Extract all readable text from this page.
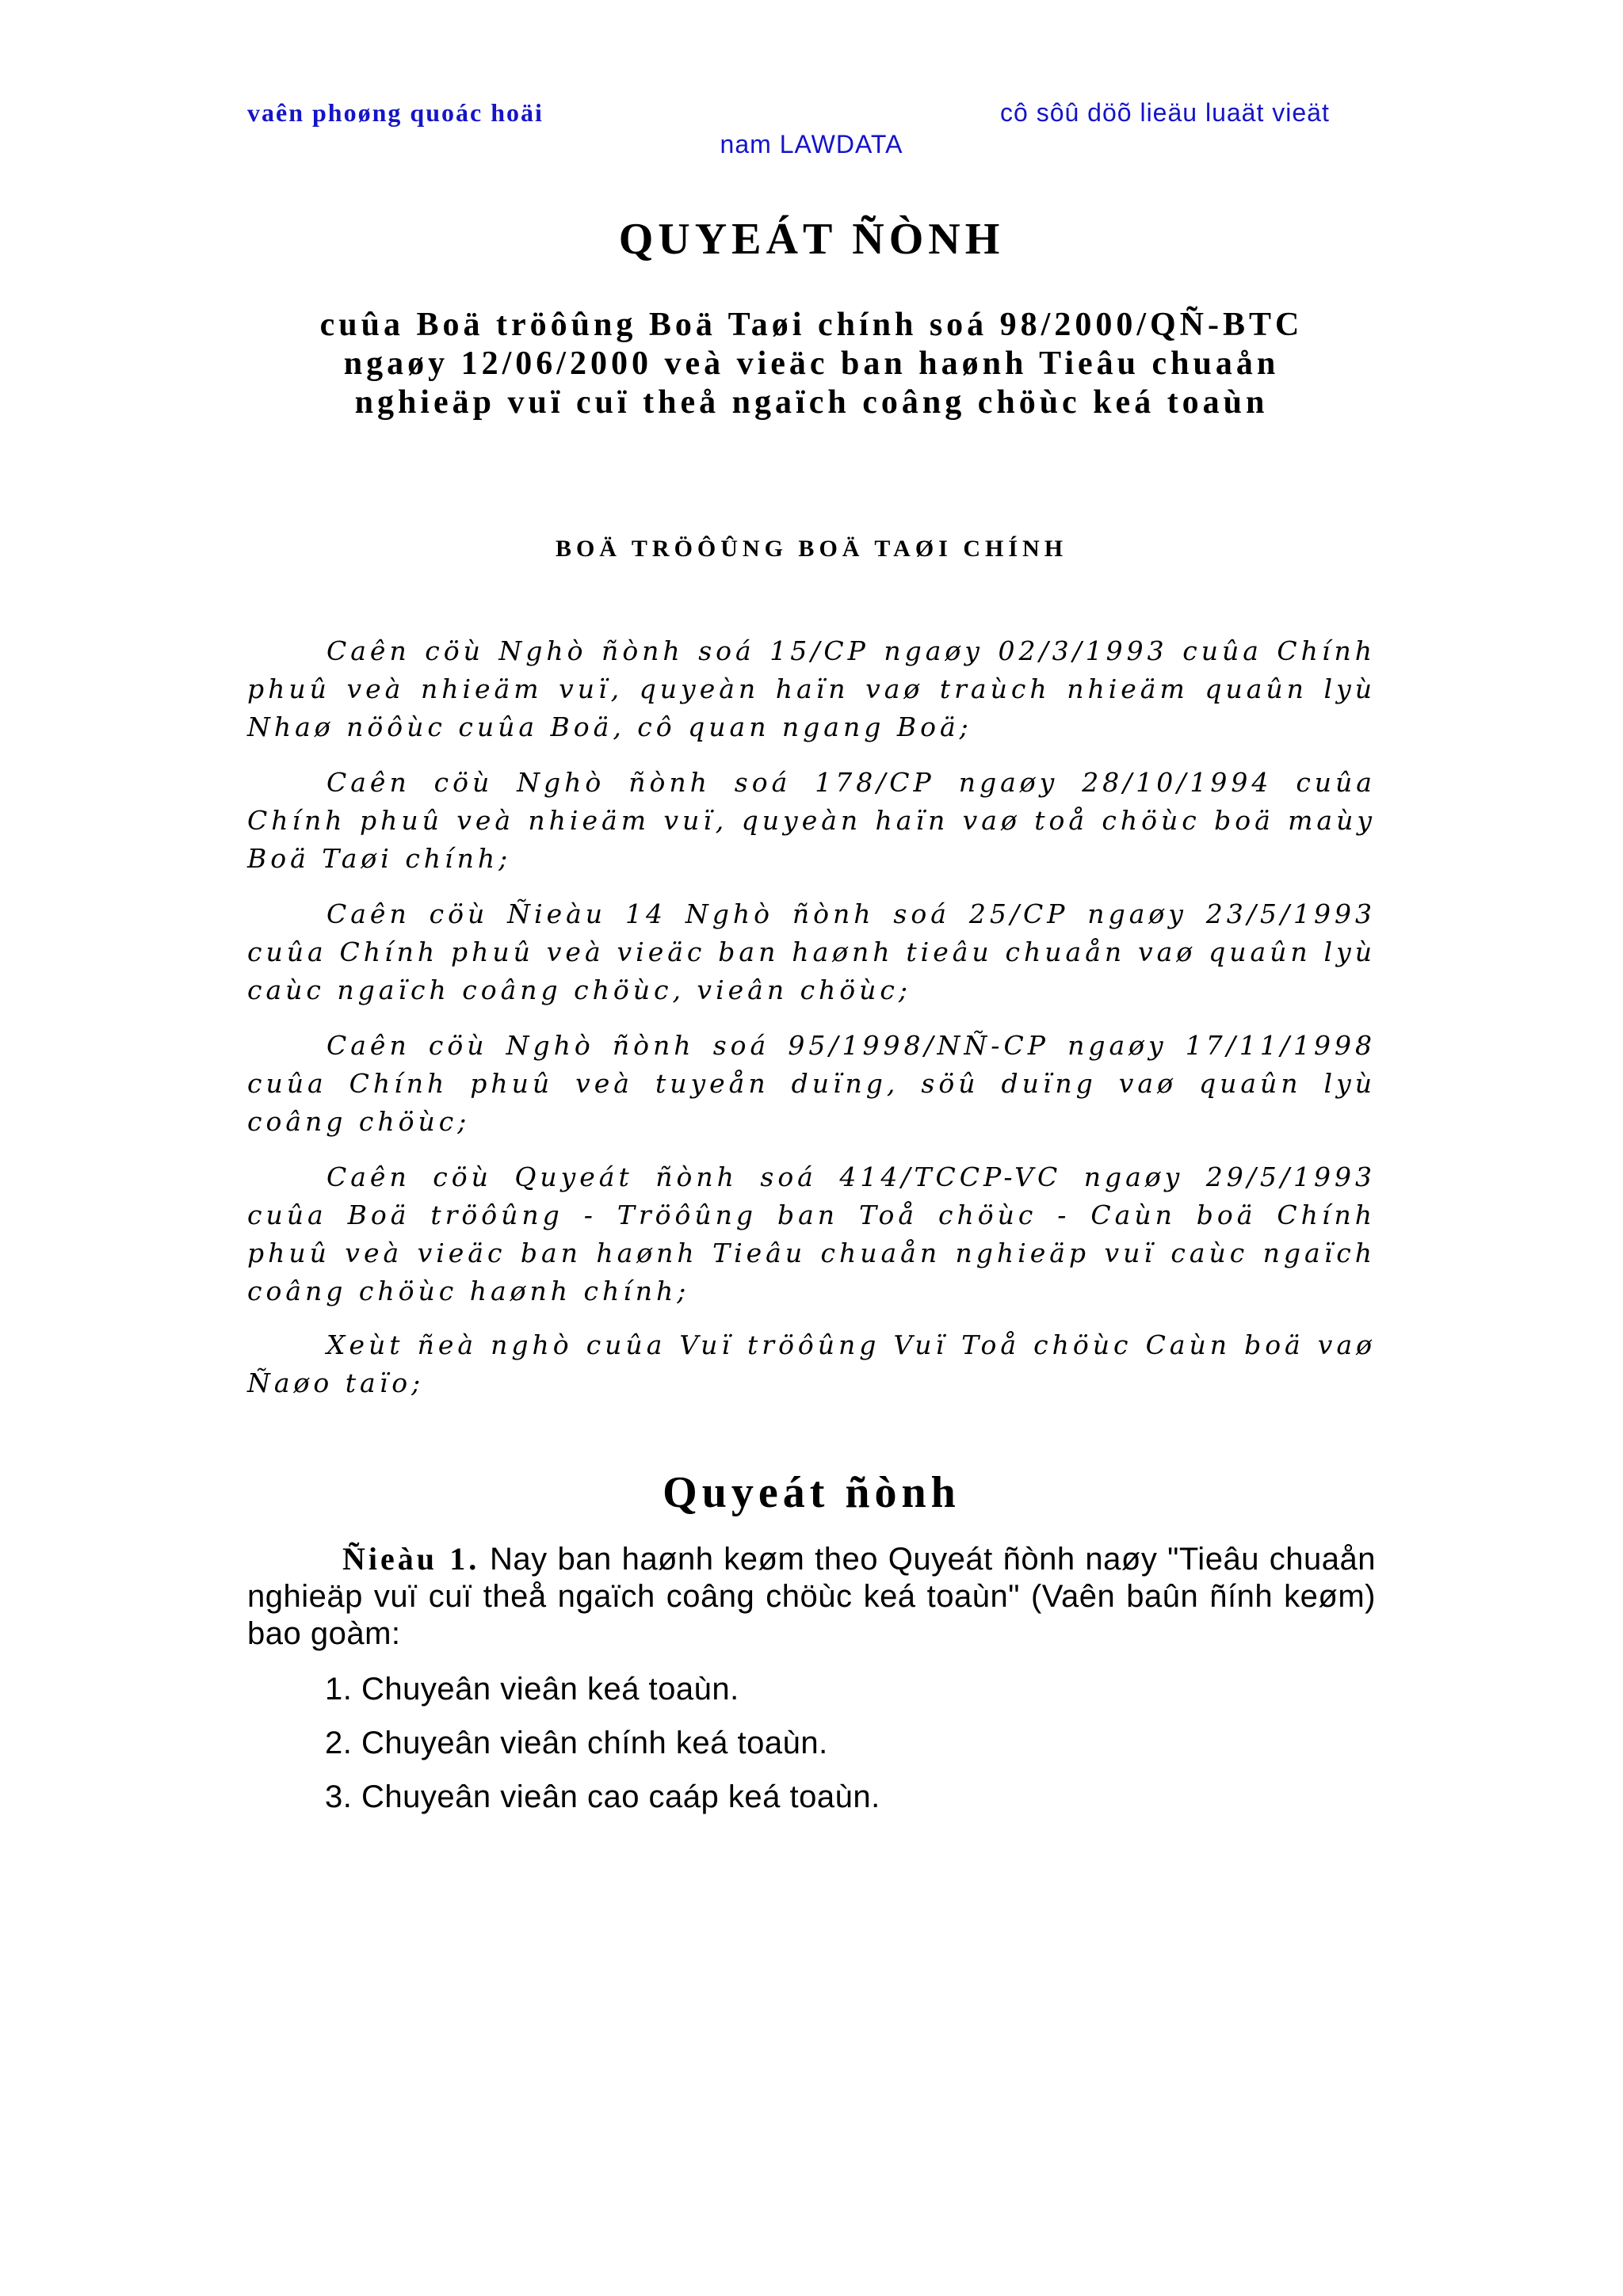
vaên phoøng quoác hoäi	cô sôû döõ lieäu luaät vieät
nam LAWDATA
QUYEÁT ÑÒNH
cuûa Boä tröôûng Boä Taøi chính soá 98/2000/QÑ-BTC ngaøy 12/06/2000 veà vieäc ban haønh Tieâu chuaån nghieäp vuï cuï theå ngaïch coâng chöùc keá toaùn
BOÄ TRÖÔÛNG BOÄ TAØI CHÍNH

Caên cöù Nghò ñònh soá 15/CP ngaøy 02/3/1993 cuûa Chính phuû veà nhieäm vuï, quyeàn haïn vaø traùch nhieäm quaûn lyù Nhaø nöôùc cuûa Boä, cô quan ngang Boä;

Caên cöù Nghò ñònh soá 178/CP ngaøy 28/10/1994 cuûa Chính phuû veà nhieäm vuï, quyeàn haïn vaø toå chöùc boä maùy Boä Taøi chính;

Caên cöù Ñieàu 14 Nghò ñònh soá 25/CP ngaøy 23/5/1993 cuûa Chính phuû veà vieäc ban haønh tieâu chuaån vaø quaûn lyù caùc ngaïch coâng chöùc, vieân chöùc;

Caên cöù Nghò ñònh soá 95/1998/NÑ-CP ngaøy 17/11/1998 cuûa Chính phuû veà tuyeån duïng, söû duïng vaø quaûn lyù coâng chöùc;

Caên cöù Quyeát ñònh soá 414/TCCP-VC ngaøy 29/5/1993 cuûa Boä tröôûng - Tröôûng ban Toå chöùc - Caùn boä Chính phuû veà vieäc ban haønh Tieâu chuaån nghieäp vuï caùc ngaïch coâng chöùc haønh chính;

Xeùt ñeà nghò cuûa Vuï tröôûng Vuï Toå chöùc Caùn boä vaø Ñaøo taïo;

Quyeát ñònh

Ñieàu 1. Nay ban haønh keøm theo Quyeát ñònh naøy "Tieâu chuaån nghieäp vuï cuï theå ngaïch coâng chöùc keá toaùn" (Vaên baûn ñính keøm) bao goàm:

1. Chuyeân vieân keá toaùn.
2. Chuyeân vieân chính keá toaùn.
3. Chuyeân vieân cao caáp keá toaùn.
